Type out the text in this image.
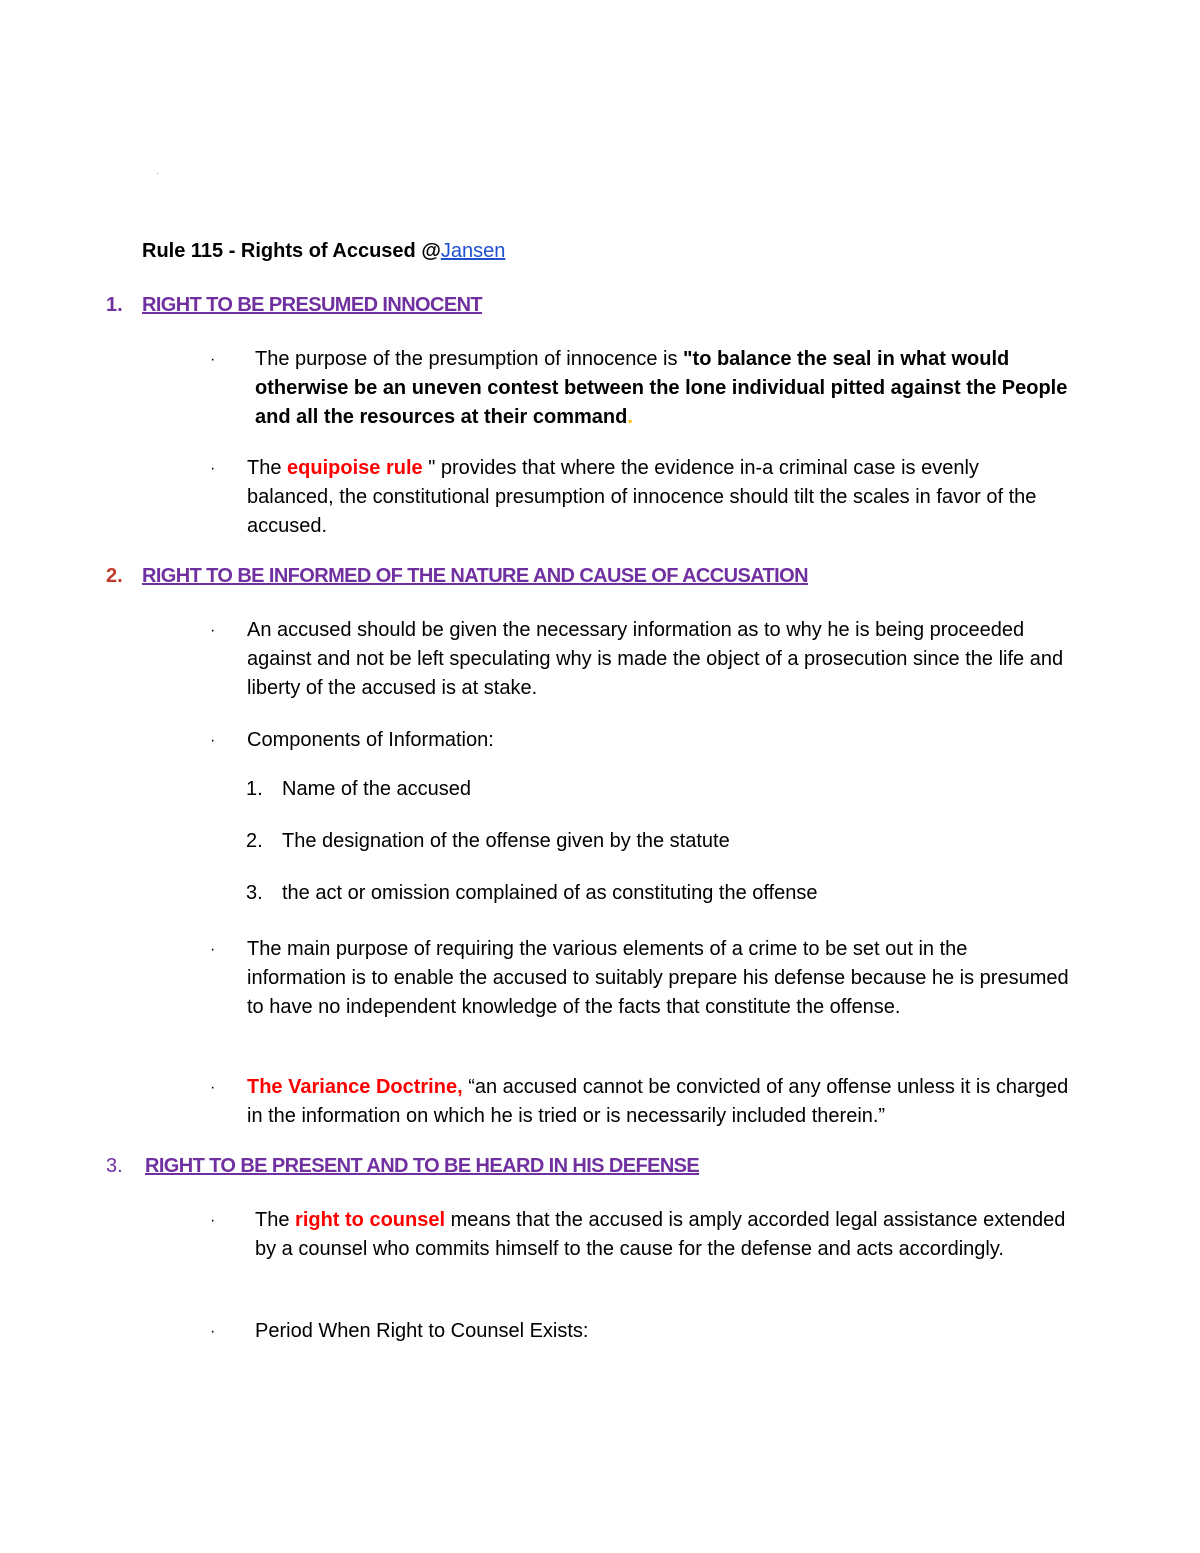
·
Rule 115 - Rights of Accused @Jansen
1. RIGHT TO BE PRESUMED INNOCENT
· The purpose of the presumption of innocence is "to balance the seal in what would otherwise be an uneven contest between the lone individual pitted against the People and all the resources at their command.
· The equipoise rule " provides that where the evidence in-a criminal case is evenly balanced, the constitutional presumption of innocence should tilt the scales in favor of the accused.
2. RIGHT TO BE INFORMED OF THE NATURE AND CAUSE OF ACCUSATION
· An accused should be given the necessary information as to why he is being proceeded against and not be left speculating why is made the object of a prosecution since the life and liberty of the accused is at stake.
· Components of Information:
1. Name of the accused
2. The designation of the offense given by the statute
3. the act or omission complained of as constituting the offense
· The main purpose of requiring the various elements of a crime to be set out in the information is to enable the accused to suitably prepare his defense because he is presumed to have no independent knowledge of the facts that constitute the offense.
· The Variance Doctrine, “an accused cannot be convicted of any offense unless it is charged in the information on which he is tried or is necessarily included therein.”
3. RIGHT TO BE PRESENT AND TO BE HEARD IN HIS DEFENSE
· The right to counsel means that the accused is amply accorded legal assistance extended by a counsel who commits himself to the cause for the defense and acts accordingly.
· Period When Right to Counsel Exists:
